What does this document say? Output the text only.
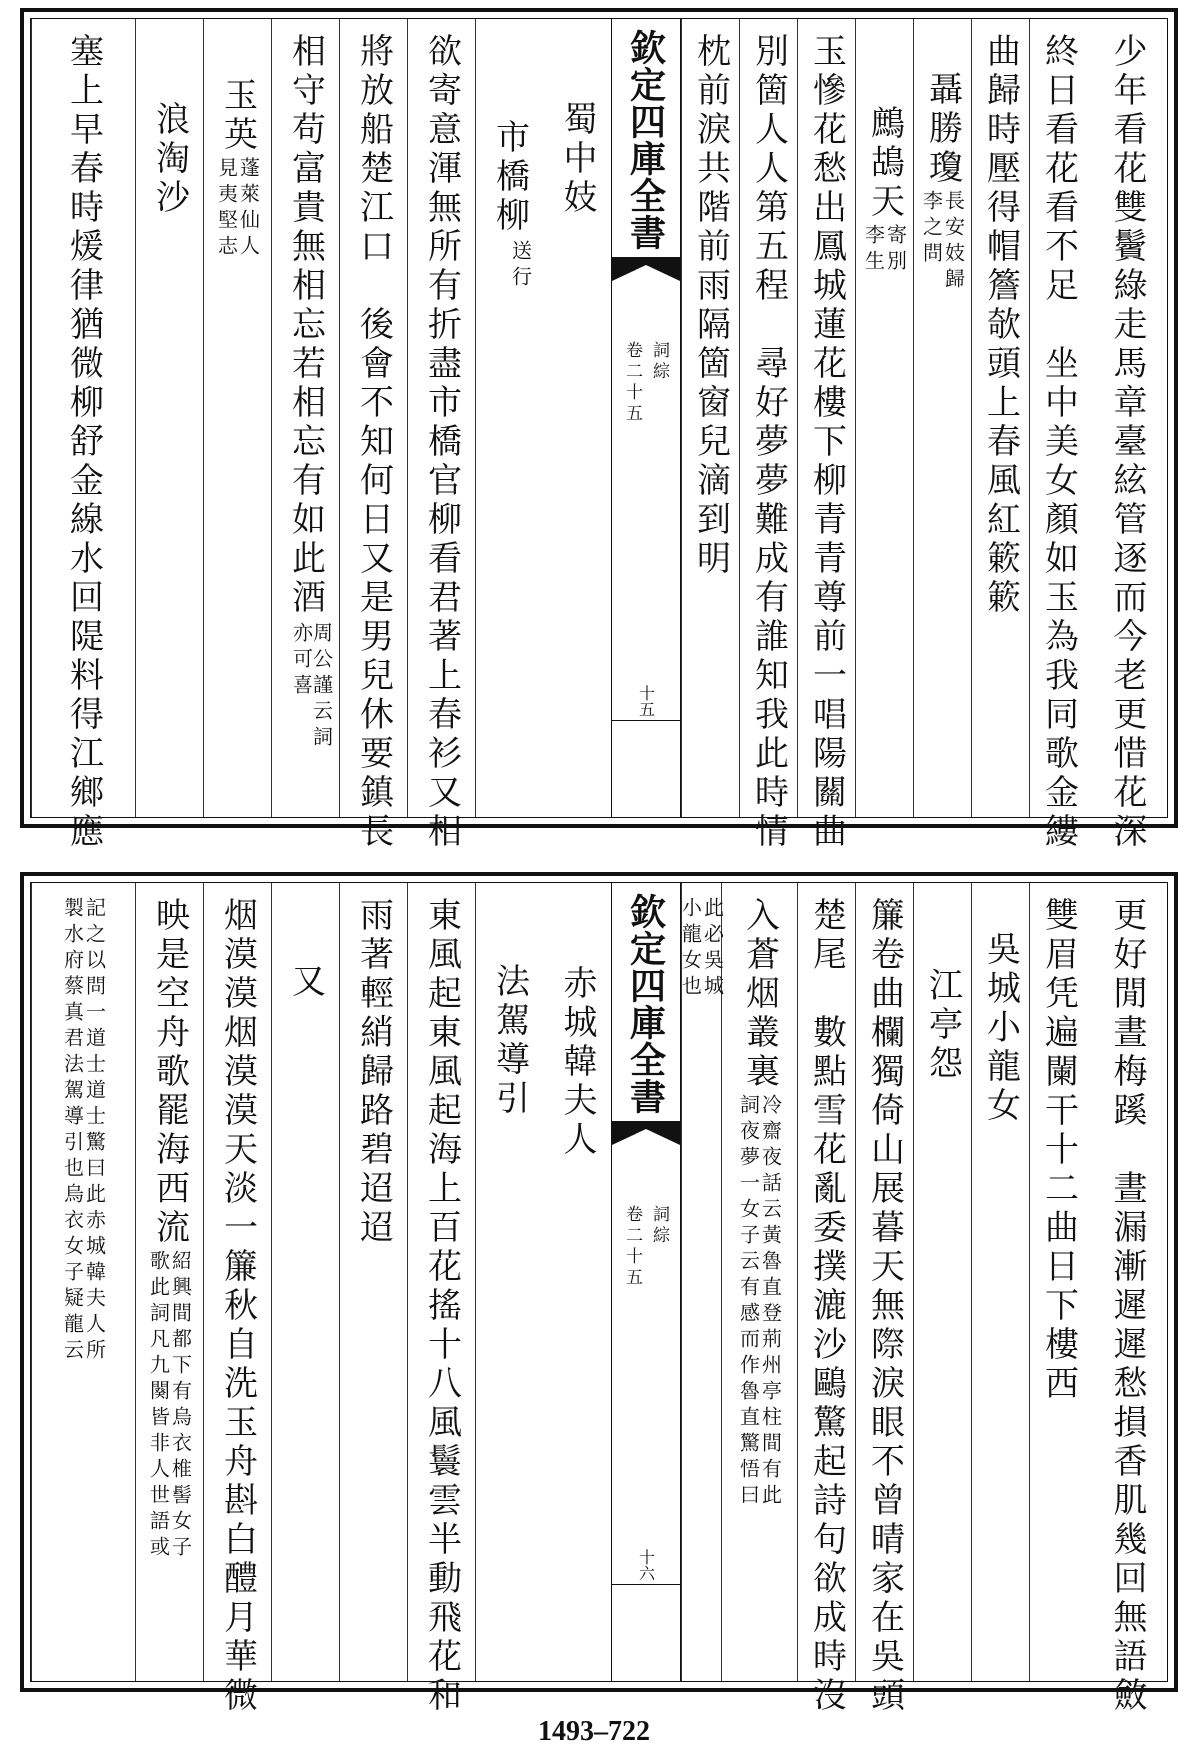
少年看花雙鬢綠走馬章臺絃管逐而今老更惜花深
終日看花看不足　坐中美女顏如玉為我同歌金縷
曲歸時壓得帽簷欹頭上春風紅簌簌
聶勝瓊
長安妓歸
李之問
鷓鴣天
寄別
李生
玉慘花愁出鳳城蓮花樓下柳青青尊前一唱陽關曲
別箇人人第五程　尋好夢夢難成有誰知我此時情
枕前淚共階前雨隔箇窗兒滴到明
欽定四庫全書
詞綜
卷二十五
十五
蜀中妓
市橋柳
送行
欲寄意渾無所有折盡市橋官柳看君著上春衫又相
將放船楚江口　後會不知何日又是男兒休要鎮長
相守苟富貴無相忘若相忘有如此酒
周公謹云詞亦可喜
玉英
蓬萊仙人
見夷堅志
浪淘沙
塞上早春時煖律猶微柳舒金線水回隄料得江鄉應
更好閒晝梅蹊　晝漏漸遲遲愁損香肌幾回無語斂
雙眉凭遍闌干十二曲日下樓西
吳城小龍女
江亭怨
簾卷曲欄獨倚山展暮天無際淚眼不曾晴家在吳頭
楚尾　數點雪花亂委撲漉沙鷗驚起詩句欲成時沒
入蒼烟叢裏
冷齋夜話云黃魯直登荊州亭柱間有此
詞夜夢一女子云有感而作魯直驚悟曰
此必吳城
小龍女也
欽定四庫全書
詞綜
卷二十五
十六
赤城韓夫人
法駕導引
東風起東風起海上百花搖十八風鬟雲半動飛花和
雨著輕綃歸路碧迢迢
又
烟漠漠烟漠漠天淡一簾秋自洗玉舟斟白醴月華微
映是空舟歌罷海西流
紹興間都下有烏衣椎髻女子
歌此詞凡九闋皆非人世語或
記之以問一道士道士驚曰此赤城韓夫人所
製水府蔡真君法駕導引也烏衣女子疑龍云
1493–722
